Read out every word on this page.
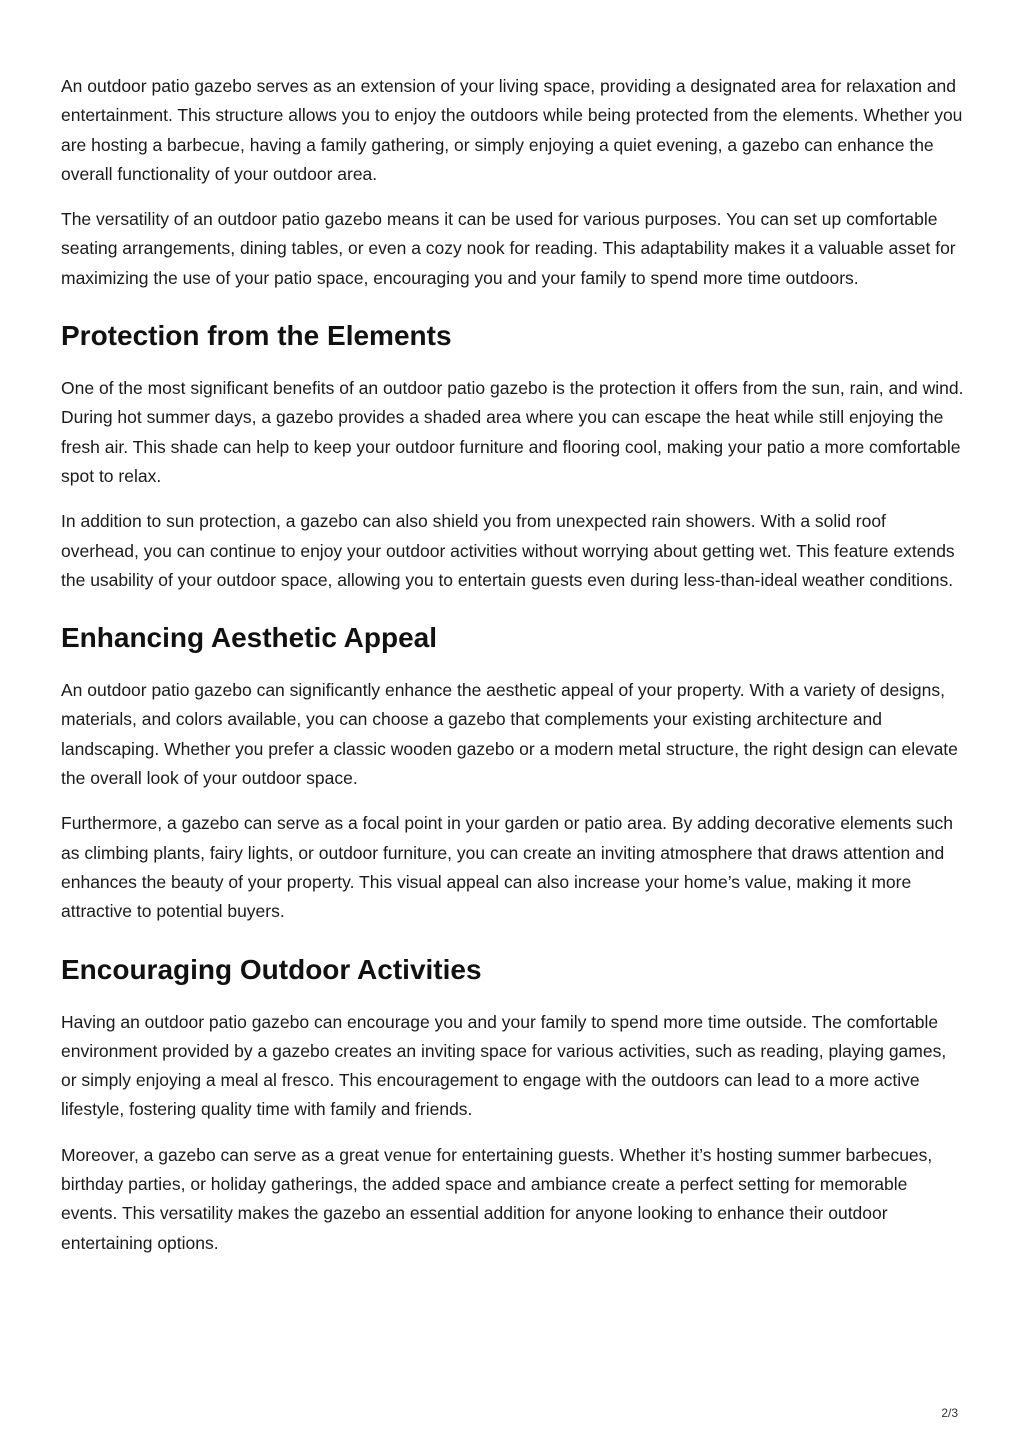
An outdoor patio gazebo serves as an extension of your living space, providing a designated area for relaxation and entertainment. This structure allows you to enjoy the outdoors while being protected from the elements. Whether you are hosting a barbecue, having a family gathering, or simply enjoying a quiet evening, a gazebo can enhance the overall functionality of your outdoor area.

The versatility of an outdoor patio gazebo means it can be used for various purposes. You can set up comfortable seating arrangements, dining tables, or even a cozy nook for reading. This adaptability makes it a valuable asset for maximizing the use of your patio space, encouraging you and your family to spend more time outdoors.

Protection from the Elements

One of the most significant benefits of an outdoor patio gazebo is the protection it offers from the sun, rain, and wind. During hot summer days, a gazebo provides a shaded area where you can escape the heat while still enjoying the fresh air. This shade can help to keep your outdoor furniture and flooring cool, making your patio a more comfortable spot to relax.

In addition to sun protection, a gazebo can also shield you from unexpected rain showers. With a solid roof overhead, you can continue to enjoy your outdoor activities without worrying about getting wet. This feature extends the usability of your outdoor space, allowing you to entertain guests even during less-than-ideal weather conditions.

Enhancing Aesthetic Appeal

An outdoor patio gazebo can significantly enhance the aesthetic appeal of your property. With a variety of designs, materials, and colors available, you can choose a gazebo that complements your existing architecture and landscaping. Whether you prefer a classic wooden gazebo or a modern metal structure, the right design can elevate the overall look of your outdoor space.

Furthermore, a gazebo can serve as a focal point in your garden or patio area. By adding decorative elements such as climbing plants, fairy lights, or outdoor furniture, you can create an inviting atmosphere that draws attention and enhances the beauty of your property. This visual appeal can also increase your home’s value, making it more attractive to potential buyers.

Encouraging Outdoor Activities

Having an outdoor patio gazebo can encourage you and your family to spend more time outside. The comfortable environment provided by a gazebo creates an inviting space for various activities, such as reading, playing games, or simply enjoying a meal al fresco. This encouragement to engage with the outdoors can lead to a more active lifestyle, fostering quality time with family and friends.

Moreover, a gazebo can serve as a great venue for entertaining guests. Whether it’s hosting summer barbecues, birthday parties, or holiday gatherings, the added space and ambiance create a perfect setting for memorable events. This versatility makes the gazebo an essential addition for anyone looking to enhance their outdoor entertaining options.

2/3
